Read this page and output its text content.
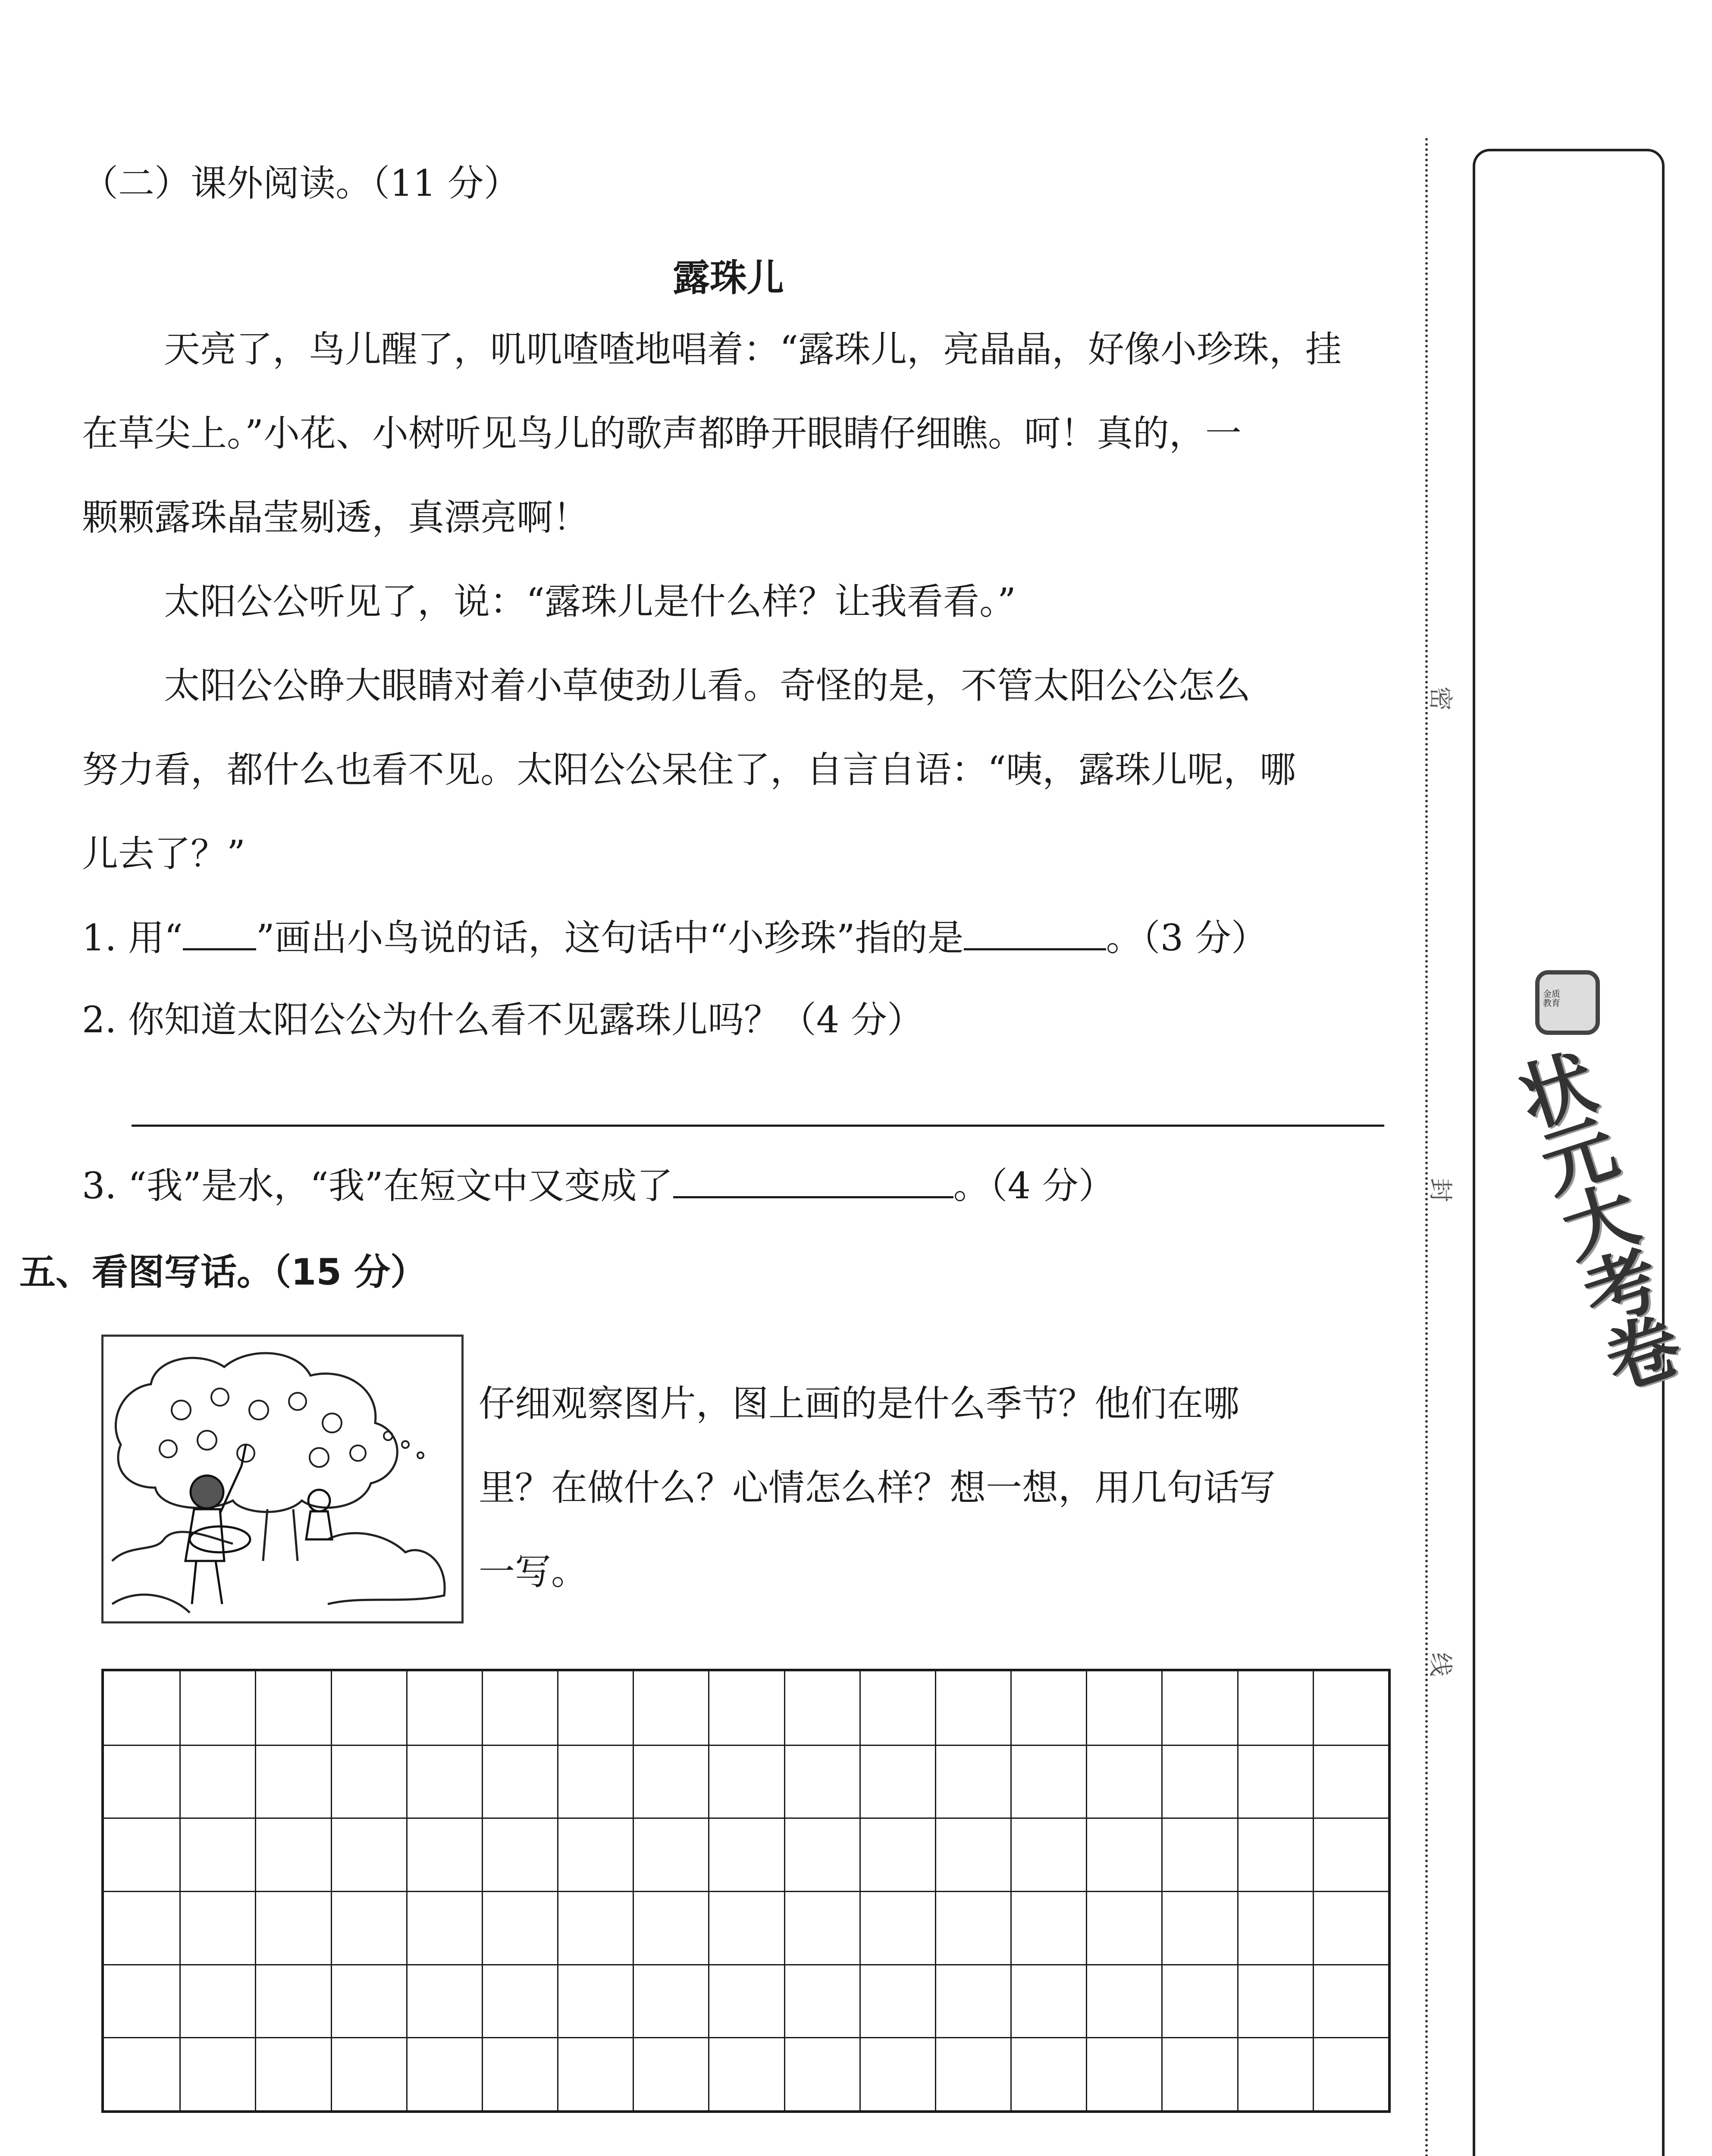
（二）课外阅读。（11 分）
露珠儿
天亮了，鸟儿醒了，叽叽喳喳地唱着：“露珠儿，亮晶晶，好像小珍珠，挂
在草尖上。”小花、小树听见鸟儿的歌声都睁开眼睛仔细瞧。呵！真的，一
颗颗露珠晶莹剔透，真漂亮啊！
太阳公公听见了，说：“露珠儿是什么样？让我看看。”
太阳公公睁大眼睛对着小草使劲儿看。奇怪的是，不管太阳公公怎么
努力看，都什么也看不见。太阳公公呆住了，自言自语：“咦，露珠儿呢，哪
儿去了？”
1. 用“ ”画出小鸟说的话，这句话中“小珍珠”指的是	。（3 分）
2. 你知道太阳公公为什么看不见露珠儿吗？（4 分）
3. “我”是水，“我”在短文中又变成了	。（4 分）
五、看图写话。（15 分）
仔细观察图片，图上画的是什么季节？他们在哪
里？在做什么？心情怎么样？想一想，用几句话写
一写。
密
封
线
金质教育
状元大考卷
